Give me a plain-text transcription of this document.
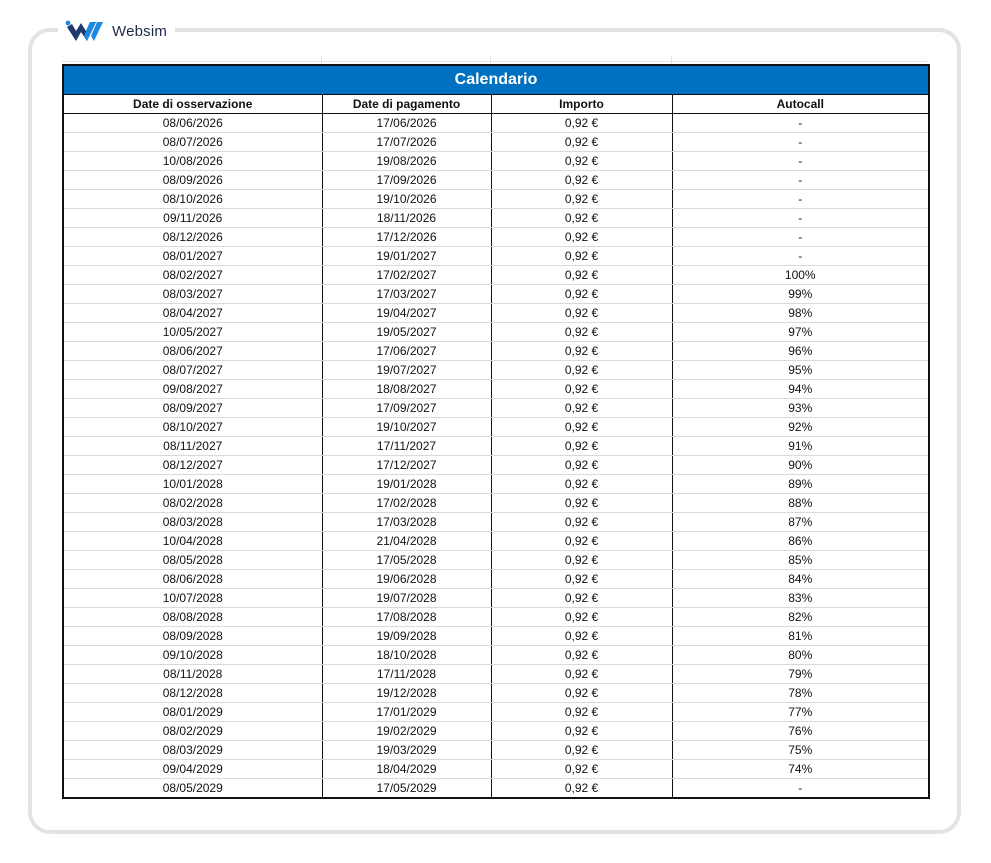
Websim
Calendario			
Date di osservazione	Date di pagamento	Importo	Autocall
08/06/2026	17/06/2026	0,92 €	-
08/07/2026	17/07/2026	0,92 €	-
10/08/2026	19/08/2026	0,92 €	-
08/09/2026	17/09/2026	0,92 €	-
08/10/2026	19/10/2026	0,92 €	-
09/11/2026	18/11/2026	0,92 €	-
08/12/2026	17/12/2026	0,92 €	-
08/01/2027	19/01/2027	0,92 €	-
08/02/2027	17/02/2027	0,92 €	100%
08/03/2027	17/03/2027	0,92 €	99%
08/04/2027	19/04/2027	0,92 €	98%
10/05/2027	19/05/2027	0,92 €	97%
08/06/2027	17/06/2027	0,92 €	96%
08/07/2027	19/07/2027	0,92 €	95%
09/08/2027	18/08/2027	0,92 €	94%
08/09/2027	17/09/2027	0,92 €	93%
08/10/2027	19/10/2027	0,92 €	92%
08/11/2027	17/11/2027	0,92 €	91%
08/12/2027	17/12/2027	0,92 €	90%
10/01/2028	19/01/2028	0,92 €	89%
08/02/2028	17/02/2028	0,92 €	88%
08/03/2028	17/03/2028	0,92 €	87%
10/04/2028	21/04/2028	0,92 €	86%
08/05/2028	17/05/2028	0,92 €	85%
08/06/2028	19/06/2028	0,92 €	84%
10/07/2028	19/07/2028	0,92 €	83%
08/08/2028	17/08/2028	0,92 €	82%
08/09/2028	19/09/2028	0,92 €	81%
09/10/2028	18/10/2028	0,92 €	80%
08/11/2028	17/11/2028	0,92 €	79%
08/12/2028	19/12/2028	0,92 €	78%
08/01/2029	17/01/2029	0,92 €	77%
08/02/2029	19/02/2029	0,92 €	76%
08/03/2029	19/03/2029	0,92 €	75%
09/04/2029	18/04/2029	0,92 €	74%
08/05/2029	17/05/2029	0,92 €	-
